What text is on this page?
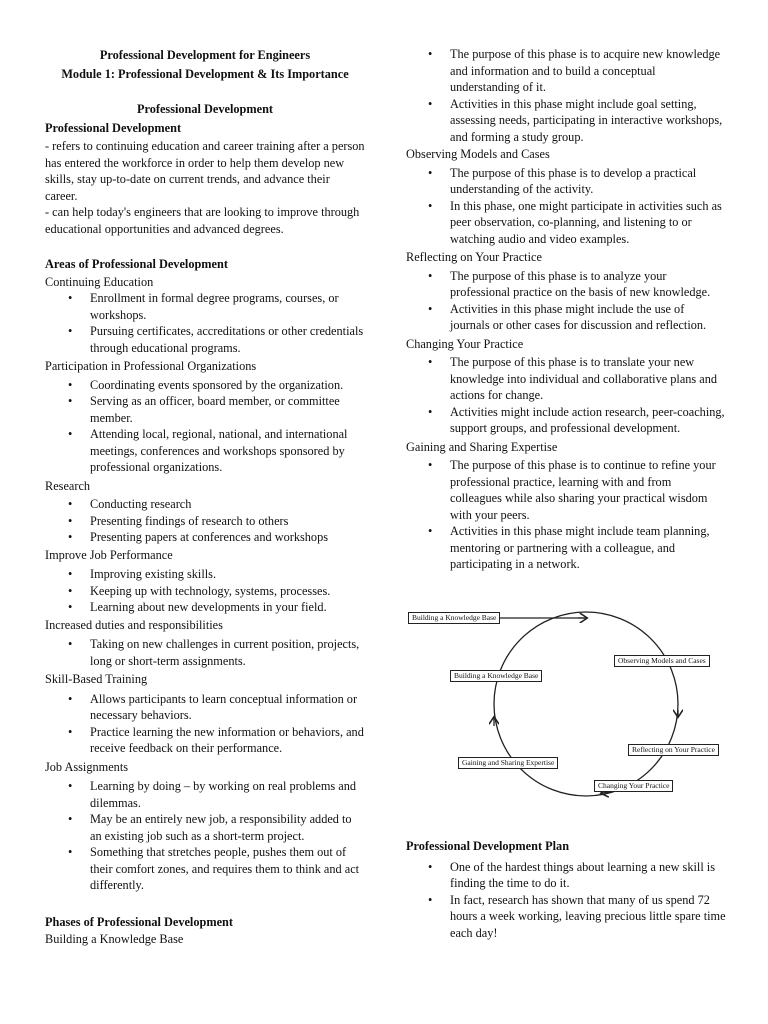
Professional Development for Engineers

Module 1: Professional Development & Its Importance

Professional Development

Professional Development

- refers to continuing education and career training after a person has entered the workforce in order to help them develop new skills, stay up-to-date on current trends, and advance their career.

- can help today's engineers that are looking to improve through educational opportunities and advanced degrees.

Areas of Professional Development

Continuing Education

• Enrollment in formal degree programs, courses, or workshops.
• Pursuing certificates, accreditations or other credentials through educational programs.

Participation in Professional Organizations

• Coordinating events sponsored by the organization.
• Serving as an officer, board member, or committee member.
• Attending local, regional, national, and international meetings, conferences and workshops sponsored by professional organizations.

Research

• Conducting research
• Presenting findings of research to others
• Presenting papers at conferences and workshops

Improve Job Performance

• Improving existing skills.
• Keeping up with technology, systems, processes.
• Learning about new developments in your field.

Increased duties and responsibilities

• Taking on new challenges in current position, projects, long or short-term assignments.

Skill-Based Training

• Allows participants to learn conceptual information or necessary behaviors.
• Practice learning the new information or behaviors, and receive feedback on their performance.

Job Assignments

• Learning by doing – by working on real problems and dilemmas.
• May be an entirely new job, a responsibility added to an existing job such as a short-term project.
• Something that stretches people, pushes them out of their comfort zones, and requires them to think and act differently.

Phases of Professional Development

Building a Knowledge Base

• The purpose of this phase is to acquire new knowledge and information and to build a conceptual understanding of it.
• Activities in this phase might include goal setting, assessing needs, participating in interactive workshops, and forming a study group.

Observing Models and Cases

• The purpose of this phase is to develop a practical understanding of the activity.
• In this phase, one might participate in activities such as peer observation, co-planning, and listening to or watching audio and video examples.

Reflecting on Your Practice

• The purpose of this phase is to analyze your professional practice on the basis of new knowledge.
• Activities in this phase might include the use of journals or other cases for discussion and reflection.

Changing Your Practice

• The purpose of this phase is to translate your new knowledge into individual and collaborative plans and actions for change.
• Activities might include action research, peer-coaching, support groups, and professional development.

Gaining and Sharing Expertise

• The purpose of this phase is to continue to refine your professional practice, learning with and from colleagues while also sharing your practical wisdom with your peers.
• Activities in this phase might include team planning, mentoring or partnering with a colleague, and participating in a network.
Building a Knowledge Base
Building a Knowledge Base
Observing Models and Cases
Reflecting on Your Practice
Changing Your Practice
Gaining and Sharing Expertise

Professional Development Plan

• One of the hardest things about learning a new skill is finding the time to do it.
• In fact, research has shown that many of us spend 72 hours a week working, leaving precious little spare time each day!
